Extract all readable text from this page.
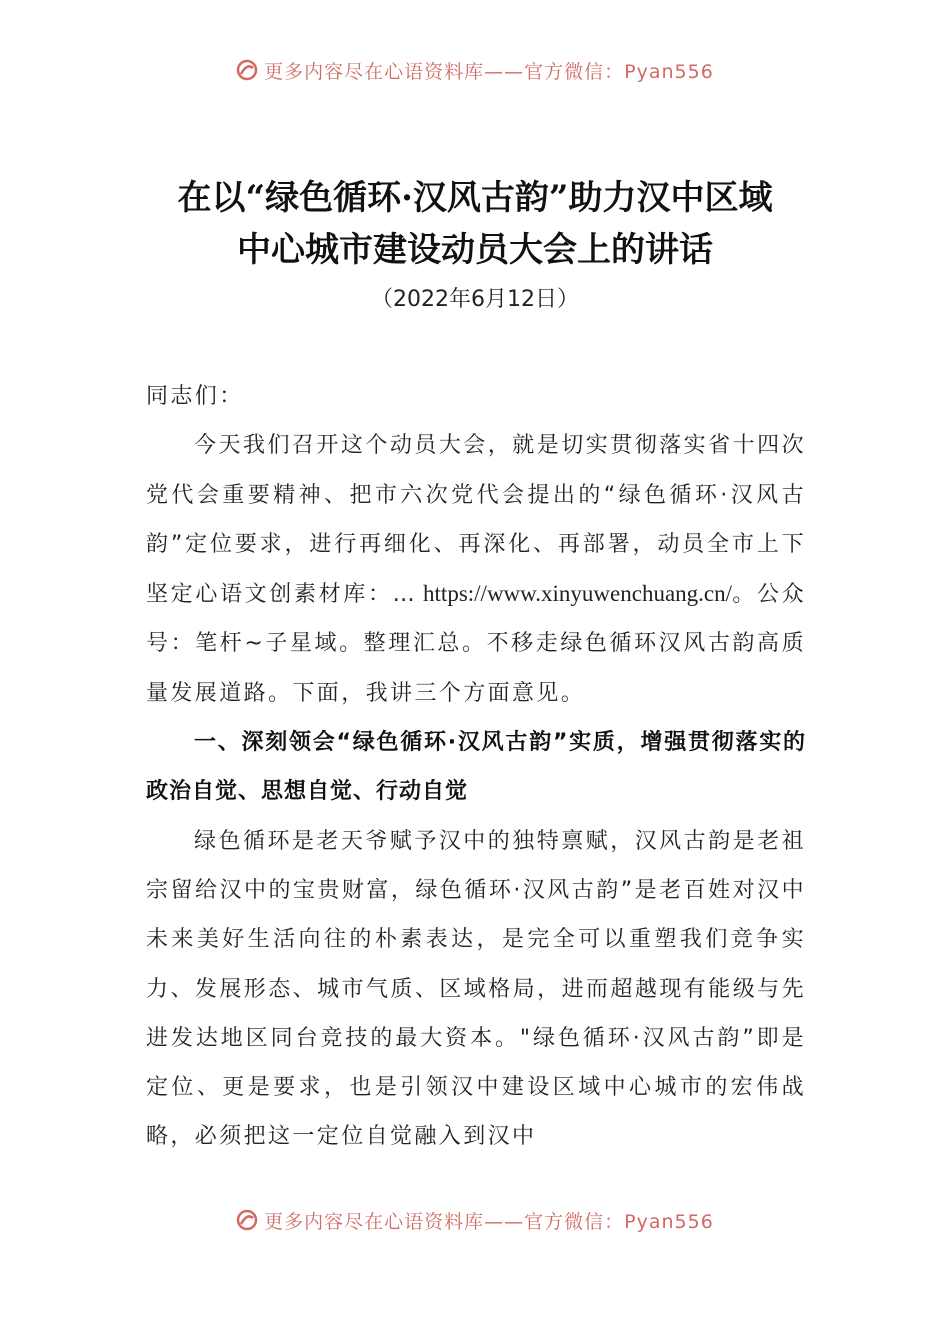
更多内容尽在心语资料库——官方微信：Pyan556
在以“绿色循环·汉风古韵”助力汉中区域
中心城市建设动员大会上的讲话
（2022年6月12日）

同志们：

今天我们召开这个动员大会，就是切实贯彻落实省十四次党代会重要精神、把市六次党代会提出的“绿色循环·汉风古韵”定位要求，进行再细化、再深化、再部署，动员全市上下坚定心语文创素材库：… https://www.xinyuwenchuang.cn/。公众号：笔杆~子星域。整理汇总。不移走绿色循环汉风古韵高质量发展道路。下面，我讲三个方面意见。

一、深刻领会“绿色循环·汉风古韵”实质，增强贯彻落实的政治自觉、思想自觉、行动自觉

绿色循环是老天爷赋予汉中的独特禀赋，汉风古韵是老祖宗留给汉中的宝贵财富，绿色循环·汉风古韵”是老百姓对汉中未来美好生活向往的朴素表达，是完全可以重塑我们竞争实力、发展形态、城市气质、区域格局，进而超越现有能级与先进发达地区同台竞技的最大资本。"绿色循环·汉风古韵”即是定位、更是要求，也是引领汉中建设区域中心城市的宏伟战略，必须把这一定位自觉融入到汉中

更多内容尽在心语资料库——官方微信：Pyan556
